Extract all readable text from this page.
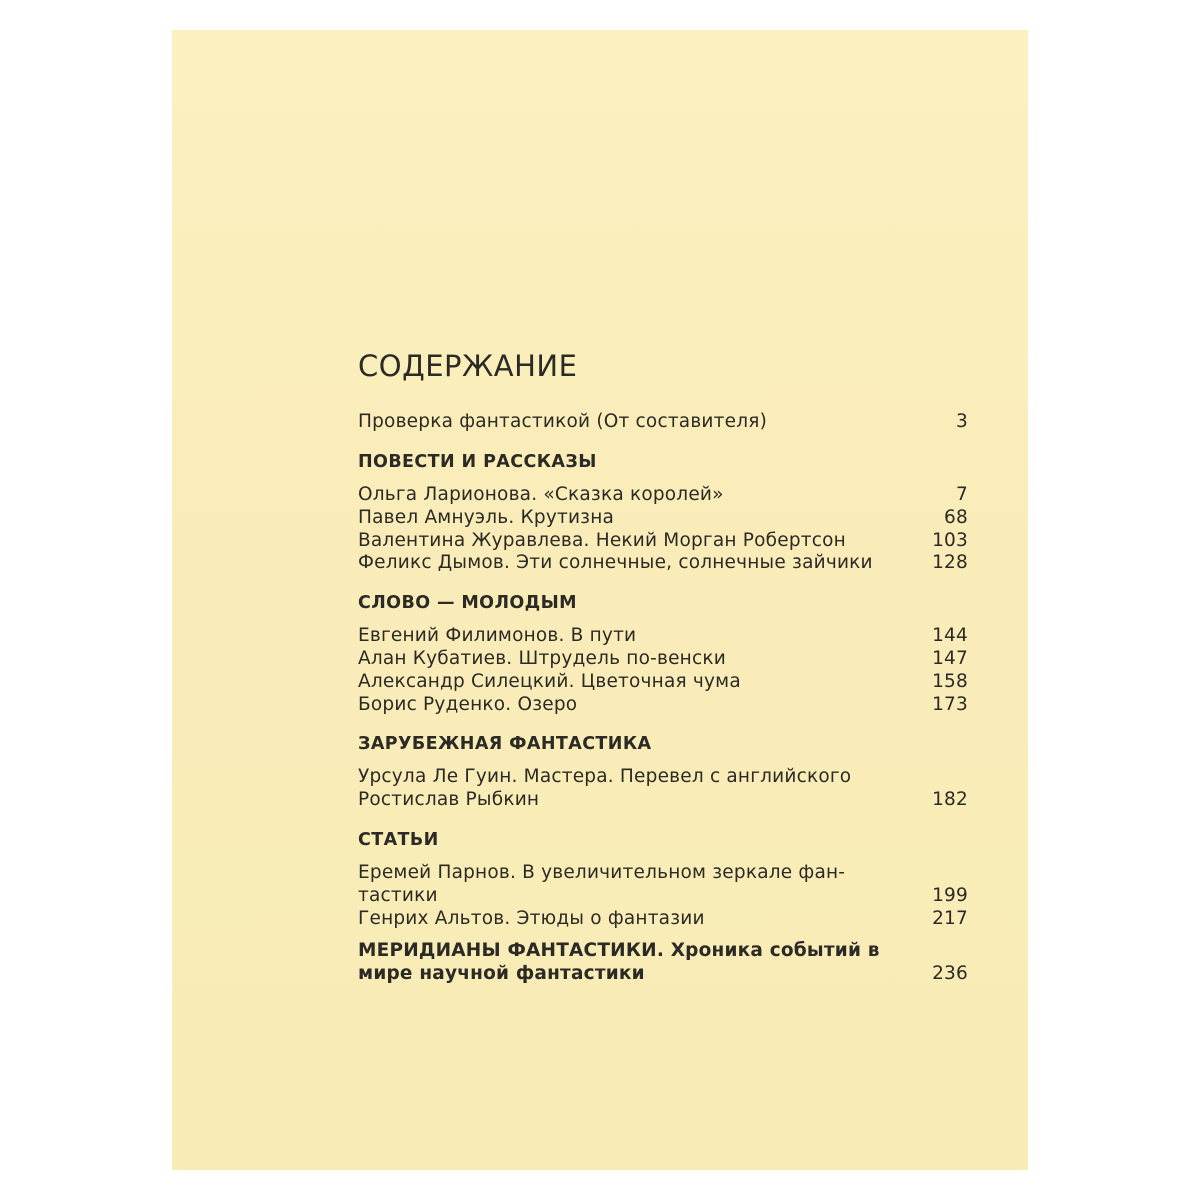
СОДЕРЖАНИЕ
Проверка фантастикой (От составителя)	3
ПОВЕСТИ И РАССКАЗЫ
Ольга Ларионова. «Сказка королей»	7
Павел Амнуэль. Крутизна	68
Валентина Журавлева. Некий Морган Робертсон	103
Феликс Дымов. Эти солнечные, солнечные зайчики	128
СЛОВО — МОЛОДЫМ
Евгений Филимонов. В пути	144
Алан Кубатиев. Штрудель по-венски	147
Александр Силецкий. Цветочная чума	158
Борис Руденко. Озеро	173
ЗАРУБЕЖНАЯ ФАНТАСТИКА
Урсула Ле Гуин. Мастера. Перевел с английского
Ростислав Рыбкин	182
СТАТЬИ
Еремей Парнов. В увеличительном зеркале фан-
тастики	199
Генрих Альтов. Этюды о фантазии	217
МЕРИДИАНЫ ФАНТАСТИКИ. Хроника событий в
мире научной фантастики	236
